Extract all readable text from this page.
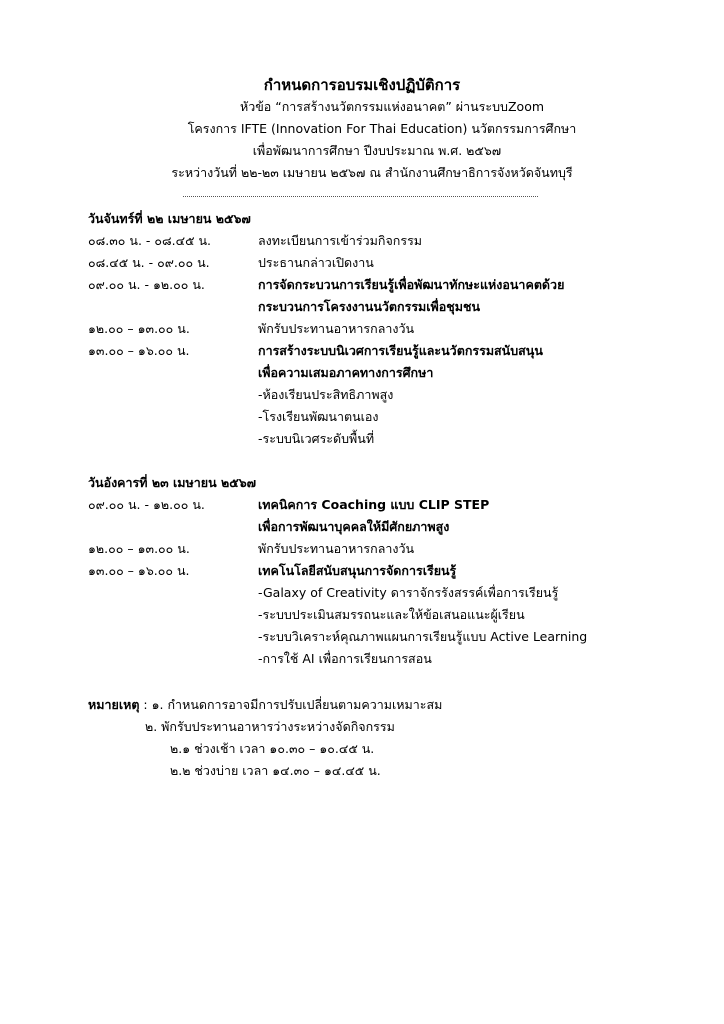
กำหนดการอบรมเชิงปฏิบัติการ
หัวข้อ “การสร้างนวัตกรรมแห่งอนาคต” ผ่านระบบZoom
โครงการ IFTE (Innovation For Thai Education) นวัตกรรมการศึกษา
เพื่อพัฒนาการศึกษา ปีงบประมาณ พ.ศ. ๒๕๖๗
ระหว่างวันที่ ๒๒-๒๓ เมษายน ๒๕๖๗ ณ สำนักงานศึกษาธิการจังหวัดจันทบุรี
วันจันทร์ที่ ๒๒ เมษายน ๒๕๖๗
๐๘.๓๐ น. - ๐๘.๔๕ น.	ลงทะเบียนการเข้าร่วมกิจกรรม
๐๘.๔๕ น. - ๐๙.๐๐ น.	ประธานกล่าวเปิดงาน
๐๙.๐๐ น. - ๑๒.๐๐ น.	การจัดกระบวนการเรียนรู้เพื่อพัฒนาทักษะแห่งอนาคตด้วย
กระบวนการโครงงานนวัตกรรมเพื่อชุมชน
๑๒.๐๐ – ๑๓.๐๐ น.	พักรับประทานอาหารกลางวัน
๑๓.๐๐ – ๑๖.๐๐ น.	การสร้างระบบนิเวศการเรียนรู้และนวัตกรรมสนับสนุน
เพื่อความเสมอภาคทางการศึกษา
-ห้องเรียนประสิทธิภาพสูง
-โรงเรียนพัฒนาตนเอง
-ระบบนิเวศระดับพื้นที่
วันอังคารที่ ๒๓ เมษายน ๒๕๖๗
๐๙.๐๐ น. - ๑๒.๐๐ น.	เทคนิคการ Coaching แบบ CLIP STEP
เพื่อการพัฒนาบุคคลให้มีศักยภาพสูง
๑๒.๐๐ – ๑๓.๐๐ น.	พักรับประทานอาหารกลางวัน
๑๓.๐๐ – ๑๖.๐๐ น.	เทคโนโลยีสนับสนุนการจัดการเรียนรู้
-Galaxy of Creativity ดาราจักรรังสรรค์เพื่อการเรียนรู้
-ระบบประเมินสมรรถนะและให้ข้อเสนอแนะผู้เรียน
-ระบบวิเคราะห์คุณภาพแผนการเรียนรู้แบบ Active Learning
-การใช้ AI เพื่อการเรียนการสอน
หมายเหตุ : ๑. กำหนดการอาจมีการปรับเปลี่ยนตามความเหมาะสม
๒. พักรับประทานอาหารว่างระหว่างจัดกิจกรรม
๒.๑ ช่วงเช้า เวลา ๑๐.๓๐ – ๑๐.๔๕ น.
๒.๒ ช่วงบ่าย เวลา ๑๔.๓๐ – ๑๔.๔๕ น.
